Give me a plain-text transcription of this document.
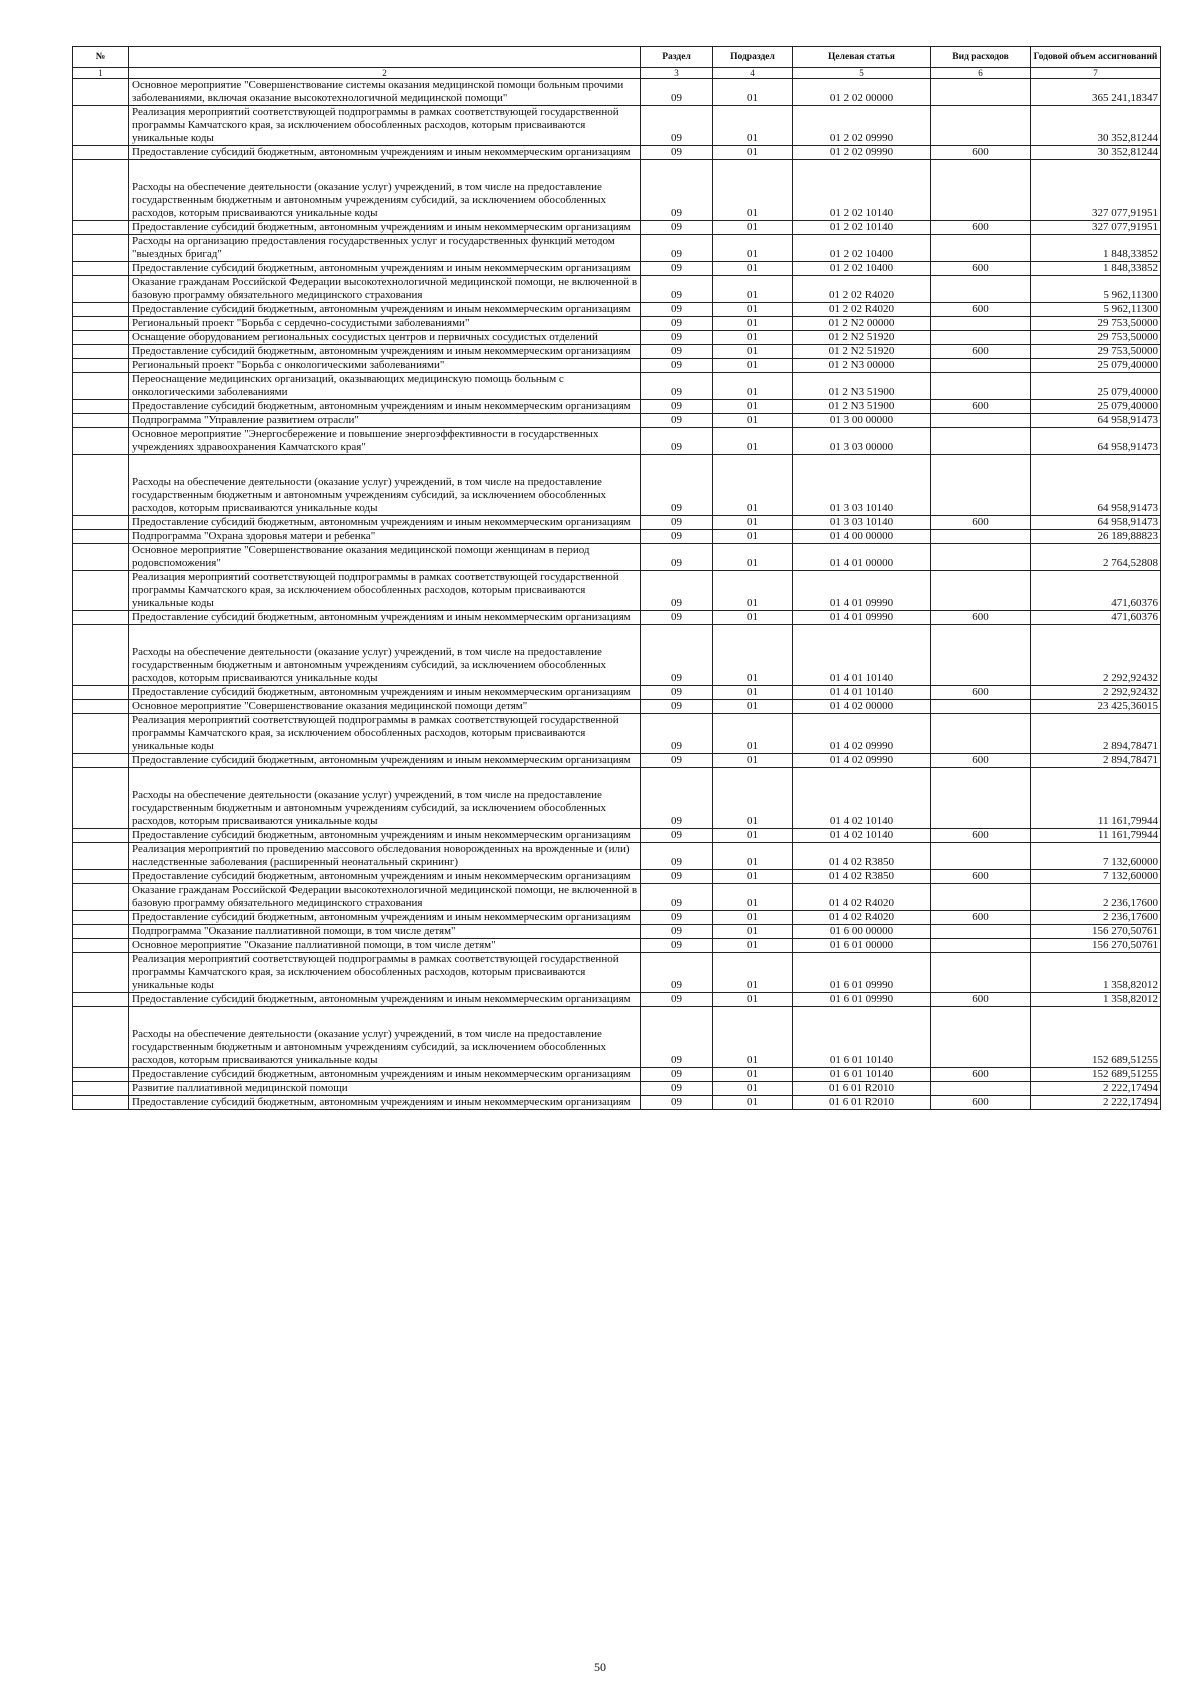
№		Раздел	Подраздел	Целевая статья	Вид расходов	Годовой объем ассигнований
1	2	3	4	5	6	7
	Основное мероприятие "Совершенствование системы оказания медицинской помощи больным прочими заболеваниями, включая оказание высокотехнологичной медицинской помощи"	09	01	01 2 02 00000		365 241,18347
	Реализация мероприятий соответствующей подпрограммы в рамках соответствующей государственной программы Камчатского края, за исключением обособленных расходов, которым присваиваются уникальные коды	09	01	01 2 02 09990		30 352,81244
	Предоставление субсидий бюджетным, автономным учреждениям и иным некоммерческим организациям	09	01	01 2 02 09990	600	30 352,81244
	Расходы на обеспечение деятельности (оказание услуг) учреждений, в том числе на предоставление государственным бюджетным и автономным учреждениям субсидий, за исключением обособленных расходов, которым присваиваются уникальные коды	09	01	01 2 02 10140		327 077,91951
	Предоставление субсидий бюджетным, автономным учреждениям и иным некоммерческим организациям	09	01	01 2 02 10140	600	327 077,91951
	Расходы на организацию предоставления государственных услуг и государственных функций методом "выездных бригад"	09	01	01 2 02 10400		1 848,33852
	Предоставление субсидий бюджетным, автономным учреждениям и иным некоммерческим организациям	09	01	01 2 02 10400	600	1 848,33852
	Оказание гражданам Российской Федерации высокотехнологичной медицинской помощи, не включенной в базовую программу обязательного медицинского страхования	09	01	01 2 02 R4020		5 962,11300
	Предоставление субсидий бюджетным, автономным учреждениям и иным некоммерческим организациям	09	01	01 2 02 R4020	600	5 962,11300
	Региональный проект "Борьба с сердечно-сосудистыми заболеваниями"	09	01	01 2 N2 00000		29 753,50000
	Оснащение оборудованием региональных сосудистых центров и первичных сосудистых отделений	09	01	01 2 N2 51920		29 753,50000
	Предоставление субсидий бюджетным, автономным учреждениям и иным некоммерческим организациям	09	01	01 2 N2 51920	600	29 753,50000
	Региональный проект "Борьба с онкологическими заболеваниями"	09	01	01 2 N3 00000		25 079,40000
	Переоснащение медицинских организаций, оказывающих медицинскую помощь больным с онкологическими заболеваниями	09	01	01 2 N3 51900		25 079,40000
	Предоставление субсидий бюджетным, автономным учреждениям и иным некоммерческим организациям	09	01	01 2 N3 51900	600	25 079,40000
	Подпрограмма "Управление развитием отрасли"	09	01	01 3 00 00000		64 958,91473
	Основное мероприятие "Энергосбережение и повышение энергоэффективности в государственных учреждениях здравоохранения Камчатского края"	09	01	01 3 03 00000		64 958,91473
	Расходы на обеспечение деятельности (оказание услуг) учреждений, в том числе на предоставление государственным бюджетным и автономным учреждениям субсидий, за исключением обособленных расходов, которым присваиваются уникальные коды	09	01	01 3 03 10140		64 958,91473
	Предоставление субсидий бюджетным, автономным учреждениям и иным некоммерческим организациям	09	01	01 3 03 10140	600	64 958,91473
	Подпрограмма "Охрана здоровья матери и ребенка"	09	01	01 4 00 00000		26 189,88823
	Основное мероприятие "Совершенствование оказания медицинской помощи женщинам в период родовспоможения"	09	01	01 4 01 00000		2 764,52808
	Реализация мероприятий соответствующей подпрограммы в рамках соответствующей государственной программы Камчатского края, за исключением обособленных расходов, которым присваиваются уникальные коды	09	01	01 4 01 09990		471,60376
	Предоставление субсидий бюджетным, автономным учреждениям и иным некоммерческим организациям	09	01	01 4 01 09990	600	471,60376
	Расходы на обеспечение деятельности (оказание услуг) учреждений, в том числе на предоставление государственным бюджетным и автономным учреждениям субсидий, за исключением обособленных расходов, которым присваиваются уникальные коды	09	01	01 4 01 10140		2 292,92432
	Предоставление субсидий бюджетным, автономным учреждениям и иным некоммерческим организациям	09	01	01 4 01 10140	600	2 292,92432
	Основное мероприятие "Совершенствование оказания медицинской помощи детям"	09	01	01 4 02 00000		23 425,36015
	Реализация мероприятий соответствующей подпрограммы в рамках соответствующей государственной программы Камчатского края, за исключением обособленных расходов, которым присваиваются уникальные коды	09	01	01 4 02 09990		2 894,78471
	Предоставление субсидий бюджетным, автономным учреждениям и иным некоммерческим организациям	09	01	01 4 02 09990	600	2 894,78471
	Расходы на обеспечение деятельности (оказание услуг) учреждений, в том числе на предоставление государственным бюджетным и автономным учреждениям субсидий, за исключением обособленных расходов, которым присваиваются уникальные коды	09	01	01 4 02 10140		11 161,79944
	Предоставление субсидий бюджетным, автономным учреждениям и иным некоммерческим организациям	09	01	01 4 02 10140	600	11 161,79944
	Реализация мероприятий по проведению массового обследования новорожденных на врожденные и (или) наследственные заболевания (расширенный неонатальный скрининг)	09	01	01 4 02 R3850		7 132,60000
	Предоставление субсидий бюджетным, автономным учреждениям и иным некоммерческим организациям	09	01	01 4 02 R3850	600	7 132,60000
	Оказание гражданам Российской Федерации высокотехнологичной медицинской помощи, не включенной в базовую программу обязательного медицинского страхования	09	01	01 4 02 R4020		2 236,17600
	Предоставление субсидий бюджетным, автономным учреждениям и иным некоммерческим организациям	09	01	01 4 02 R4020	600	2 236,17600
	Подпрограмма "Оказание паллиативной помощи, в том числе детям"	09	01	01 6 00 00000		156 270,50761
	Основное мероприятие "Оказание паллиативной помощи, в том числе детям"	09	01	01 6 01 00000		156 270,50761
	Реализация мероприятий соответствующей подпрограммы в рамках соответствующей государственной программы Камчатского края, за исключением обособленных расходов, которым присваиваются уникальные коды	09	01	01 6 01 09990		1 358,82012
	Предоставление субсидий бюджетным, автономным учреждениям и иным некоммерческим организациям	09	01	01 6 01 09990	600	1 358,82012
	Расходы на обеспечение деятельности (оказание услуг) учреждений, в том числе на предоставление государственным бюджетным и автономным учреждениям субсидий, за исключением обособленных расходов, которым присваиваются уникальные коды	09	01	01 6 01 10140		152 689,51255
	Предоставление субсидий бюджетным, автономным учреждениям и иным некоммерческим организациям	09	01	01 6 01 10140	600	152 689,51255
	Развитие паллиативной медицинской помощи	09	01	01 6 01 R2010		2 222,17494
	Предоставление субсидий бюджетным, автономным учреждениям и иным некоммерческим организациям	09	01	01 6 01 R2010	600	2 222,17494
50
